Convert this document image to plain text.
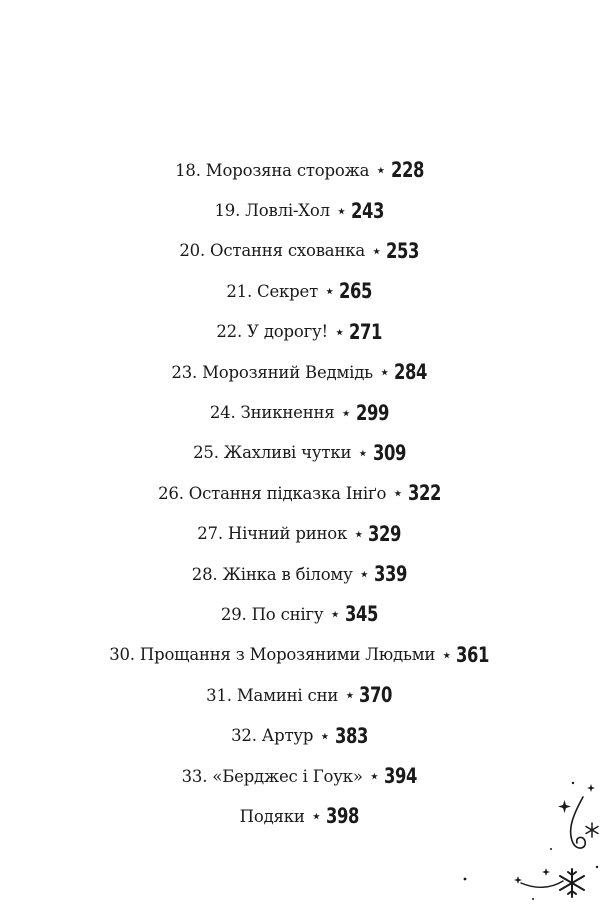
18. Морозяна сторожа ⋆ 228
19. Ловлі-Хол ⋆ 243
20. Остання схованка ⋆ 253
21. Секрет ⋆ 265
22. У дорогу! ⋆ 271
23. Морозяний Ведмідь ⋆ 284
24. Зникнення ⋆ 299
25. Жахливі чутки ⋆ 309
26. Остання підказка Ініґо ⋆ 322
27. Нічний ринок ⋆ 329
28. Жінка в білому ⋆ 339
29. По снігу ⋆ 345
30. Прощання з Морозяними Людьми ⋆ 361
31. Мамині сни ⋆ 370
32. Артур ⋆ 383
33. «Берджес і Гоук» ⋆ 394
Подяки ⋆ 398
